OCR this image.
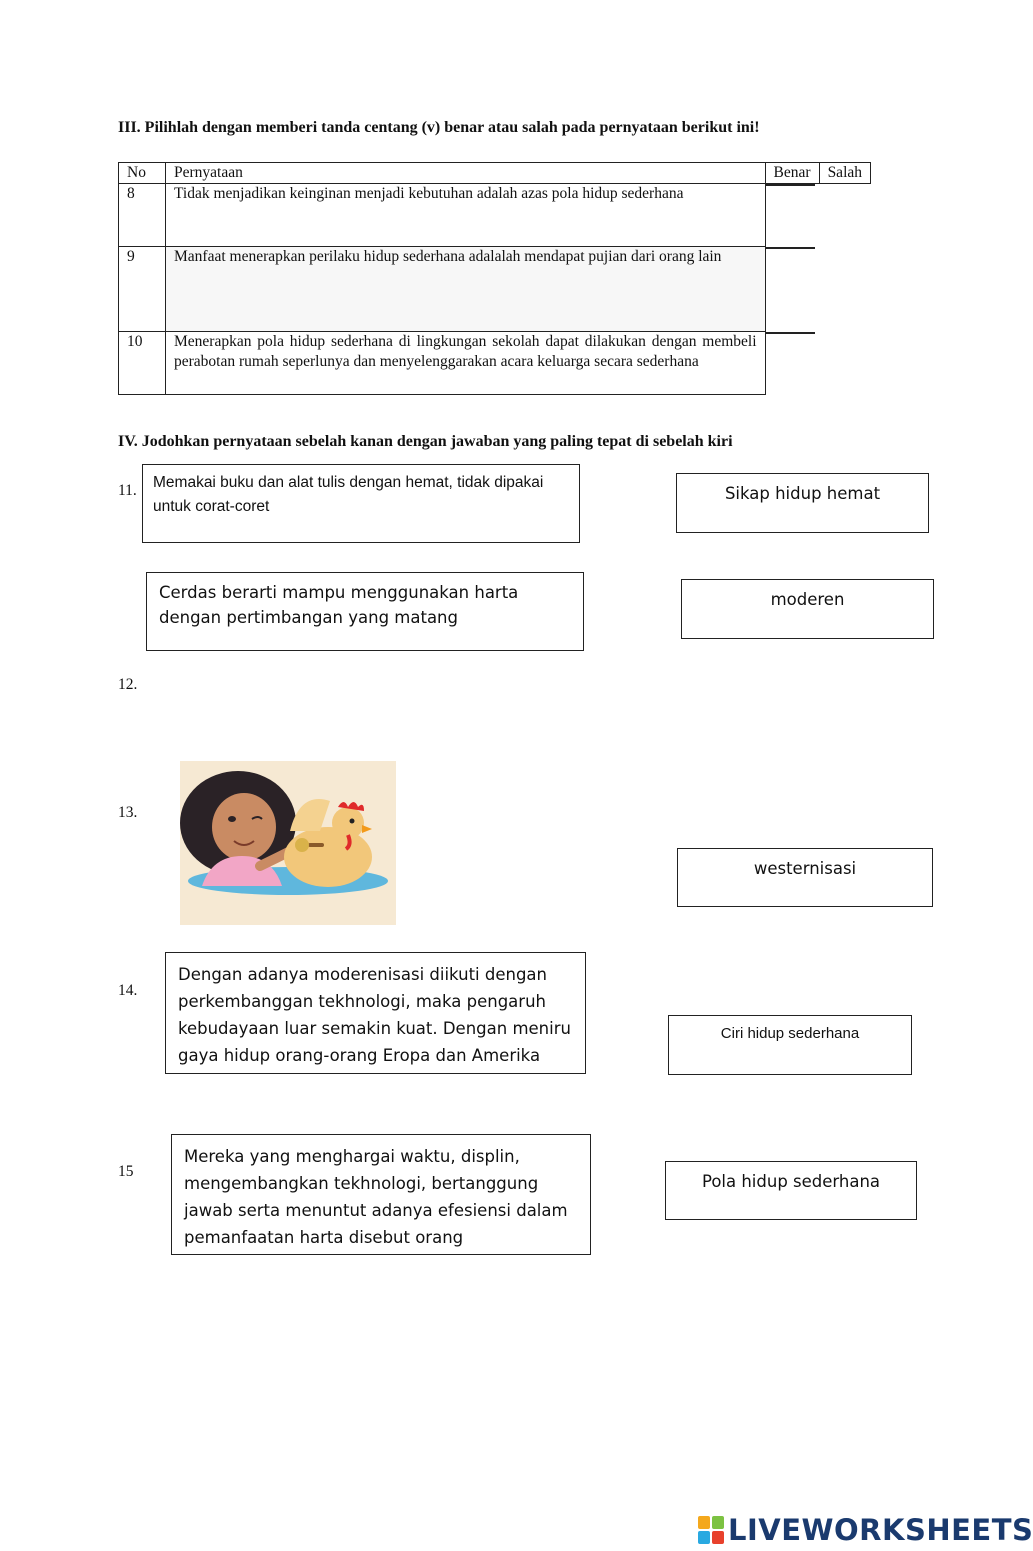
III. Pilihlah dengan memberi tanda centang (v) benar atau salah pada pernyataan berikut ini!
No	Pernyataan	Benar	Salah
8	Tidak menjadikan keinginan menjadi kebutuhan adalah azas pola hidup sederhana	

9	Manfaat menerapkan perilaku hidup sederhana adalalah mendapat pujian dari orang lain	

10	Menerapkan pola hidup sederhana di lingkungan sekolah dapat dilakukan dengan membeli perabotan rumah seperlunya dan menyelenggarakan acara keluarga secara sederhana	
IV. Jodohkan pernyataan sebelah kanan dengan jawaban yang paling tepat di sebelah kiri
11.
12.
13.
14.
15
Memakai buku dan alat tulis dengan hemat, tidak dipakai untuk corat-coret
Cerdas berarti mampu menggunakan harta dengan pertimbangan yang matang
Dengan adanya moderenisasi diikuti dengan perkembanggan tekhnologi, maka pengaruh kebudayaan luar semakin kuat. Dengan meniru gaya hidup orang-orang Eropa dan Amerika
Mereka yang menghargai waktu, displin, mengembangkan tekhnologi, bertanggung jawab serta menuntut adanya efesiensi dalam pemanfaatan harta disebut orang
Sikap hidup hemat
moderen
westernisasi
Ciri hidup sederhana
Pola hidup sederhana
LIVEWORKSHEETS
